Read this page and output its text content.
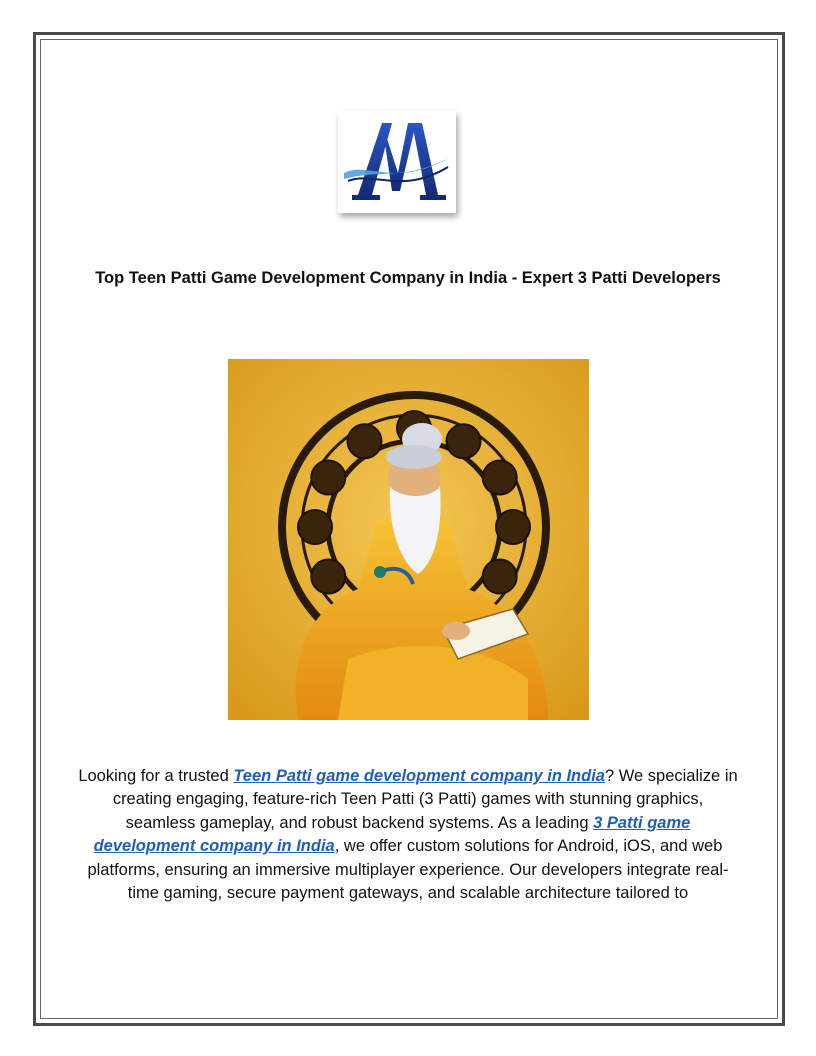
Top Teen Patti Game Development Company in India - Expert 3 Patti Developers

Looking for a trusted Teen Patti game development company in India? We specialize in creating engaging, feature-rich Teen Patti (3 Patti) games with stunning graphics, seamless gameplay, and robust backend systems. As a leading 3 Patti game development company in India, we offer custom solutions for Android, iOS, and web platforms, ensuring an immersive multiplayer experience. Our developers integrate real-time gaming, secure payment gateways, and scalable architecture tailored to
